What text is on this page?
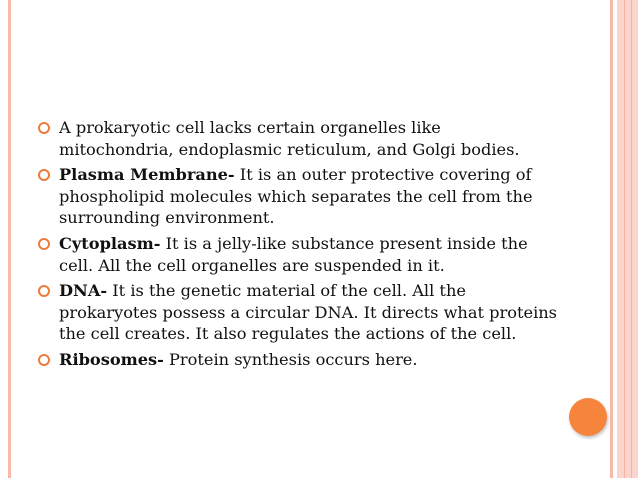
A prokaryotic cell lacks certain organelles like mitochondria, endoplasmic reticulum, and Golgi bodies.
Plasma Membrane- It is an outer protective covering of phospholipid molecules which separates the cell from the surrounding environment.
Cytoplasm- It is a jelly-like substance present inside the cell. All the cell organelles are suspended in it.
DNA- It is the genetic material of the cell. All the prokaryotes possess a circular DNA. It directs what proteins the cell creates. It also regulates the actions of the cell.
Ribosomes- Protein synthesis occurs here.
